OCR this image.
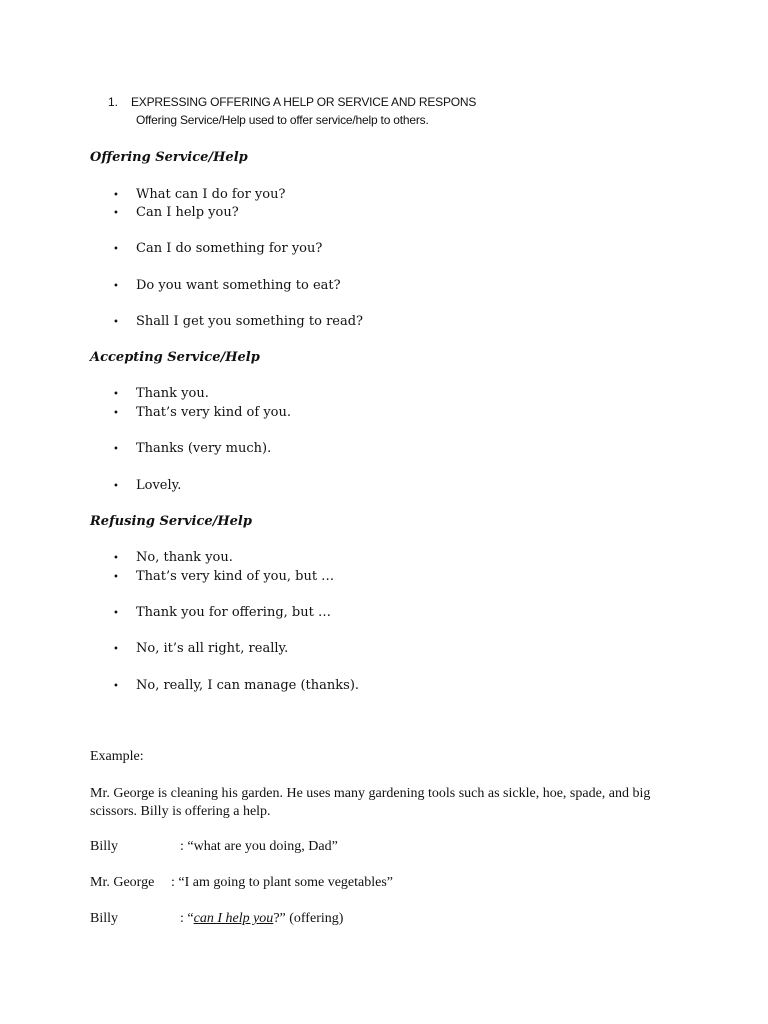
1. EXPRESSING OFFERING A HELP OR SERVICE AND RESPONS
Offering Service/Help used to offer service/help to others.
Offering Service/Help
• What can I do for you?
• Can I help you?
• Can I do something for you?
• Do you want something to eat?
• Shall I get you something to read?
Accepting Service/Help
• Thank you.
• That’s very kind of you.
• Thanks (very much).
• Lovely.
Refusing Service/Help
• No, thank you.
• That’s very kind of you, but …
• Thank you for offering, but …
• No, it’s all right, really.
• No, really, I can manage (thanks).
Example:
Mr. George is cleaning his garden. He uses many gardening tools such as sickle, hoe, spade, and big scissors. Billy is offering a help.
Billy	: “what are you doing, Dad”
Mr. George : “I am going to plant some vegetables”
Billy	: “can I help you?” (offering)
